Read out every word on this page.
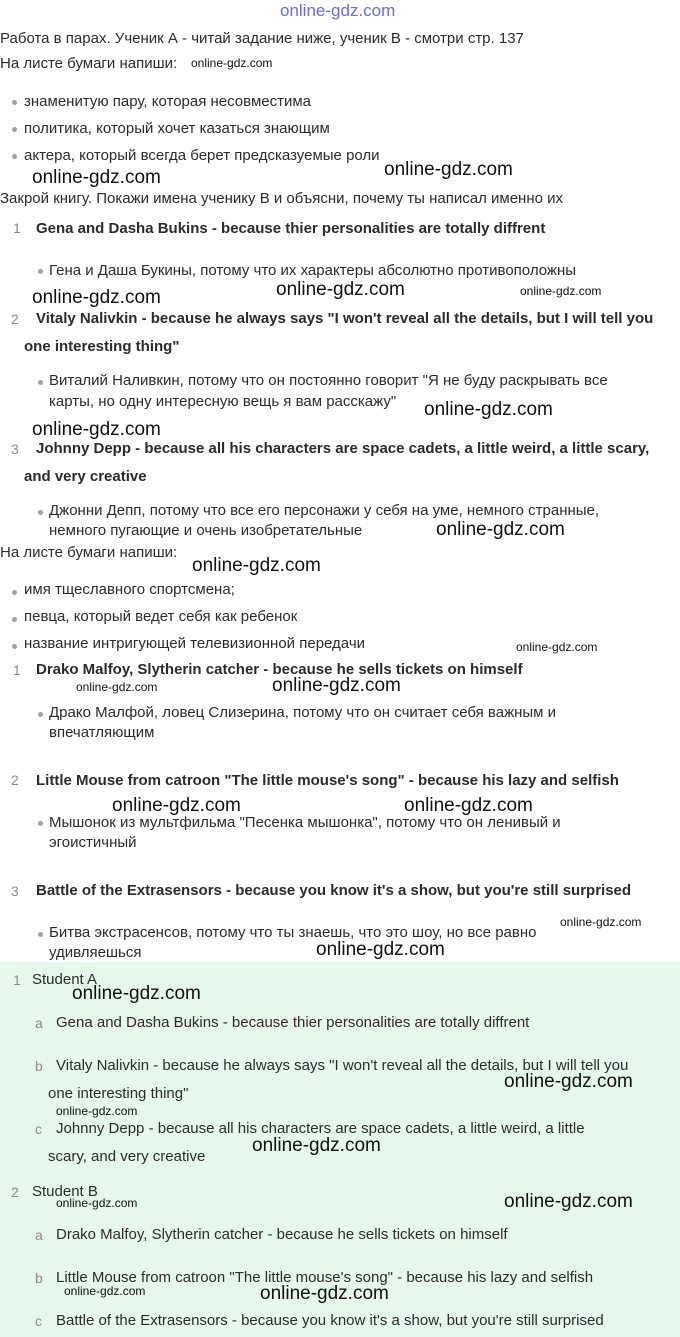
online-gdz.com
Работа в парах. Ученик А - читай задание ниже, ученик В - смотри стр. 137
На листе бумаги напиши:
знаменитую пару, которая несовместима
политика, который хочет казаться знающим
актера, который всегда берет предсказуемые роли
Закрой книгу. Покажи имена ученику B и объясни, почему ты написал именно их
1 Gena and Dasha Bukins - because thier personalities are totally diffrent
Гена и Даша Букины, потому что их характеры абсолютно противоположны
2 Vitaly Nalivkin - because he always says "I won't reveal all the details, but I will tell you
one interesting thing"
Виталий Наливкин, потому что он постоянно говорит "Я не буду раскрывать все
карты, но одну интересную вещь я вам расскажу"
3 Johnny Depp - because all his characters are space cadets, a little weird, a little scary,
and very creative
Джонни Депп, потому что все его персонажи у себя на уме, немного странные,
немного пугающие и очень изобретательные
На листе бумаги напиши:
имя тщеславного спортсмена;
певца, который ведет себя как ребенок
название интригующей телевизионной передачи
1 Drako Malfoy, Slytherin catcher - because he sells tickets on himself
Драко Малфой, ловец Слизерина, потому что он считает себя важным и
впечатляющим
2 Little Mouse from catroon "The little mouse's song" - because his lazy and selfish
Мышонок из мультфильма "Песенка мышонка", потому что он ленивый и
эгоистичный
3 Battle of the Extrasensors - because you know it's a show, but you're still surprised
Битва экстрасенсов, потому что ты знаешь, что это шоу, но все равно
удивляешься
1 Student A
a Gena and Dasha Bukins - because thier personalities are totally diffrent
b Vitaly Nalivkin - because he always says "I won't reveal all the details, but I will tell you
one interesting thing"
c Johnny Depp - because all his characters are space cadets, a little weird, a little
scary, and very creative
2 Student B
a Drako Malfoy, Slytherin catcher - because he sells tickets on himself
b Little Mouse from catroon "The little mouse's song" - because his lazy and selfish
c Battle of the Extrasensors - because you know it's a show, but you're still surprised
online-gdz.com
online-gdz.com
online-gdz.com
online-gdz.com	online-gdz.com
online-gdz.com
online-gdz.com
online-gdz.com
online-gdz.com
online-gdz.com
online-gdz.com
online-gdz.com	online-gdz.com
online-gdz.com	online-gdz.com
online-gdz.com
online-gdz.com
online-gdz.com
online-gdz.com
online-gdz.com
online-gdz.com
online-gdz.com	online-gdz.com
online-gdz.com	online-gdz.com
